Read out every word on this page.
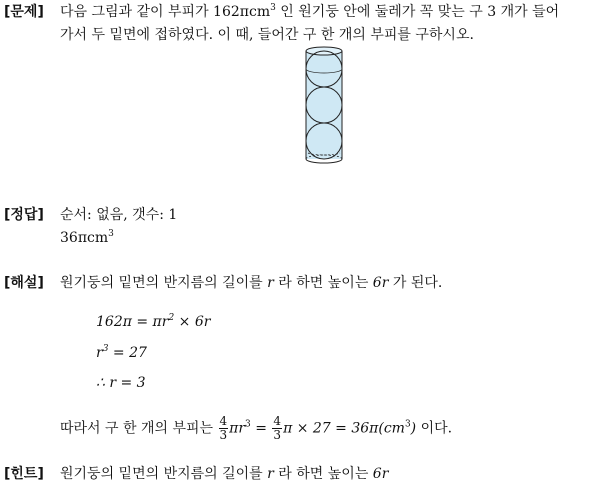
[문제] 다음 그림과 같이 부피가 162πcm$^3$ 인 원기둥 안에 둘레가 꼭 맞는 구 3 개가 들어
가서 두 밑면에 접하였다. 이 때, 들어간 구 한 개의 부피를 구하시오.
[정답] 순서: 없음, 갯수: 1
36πcm$^3$
[해설] 원기둥의 밑면의 반지름의 길이를 r 라 하면 높이는 6r 가 된다.
$162\pi = \pi r^2 \times 6r$
$r^3 = 27$
∴ r = 3
따라서 구 한 개의 부피는 $\frac{4}{3} \pi r^3 = \frac{4}{3}$ $\pi \times 27 = 36\pi(cm^3)$ 이다.
[힌트] 원기둥의 밑면의 반지름의 길이를 r 라 하면 높이는 6r
